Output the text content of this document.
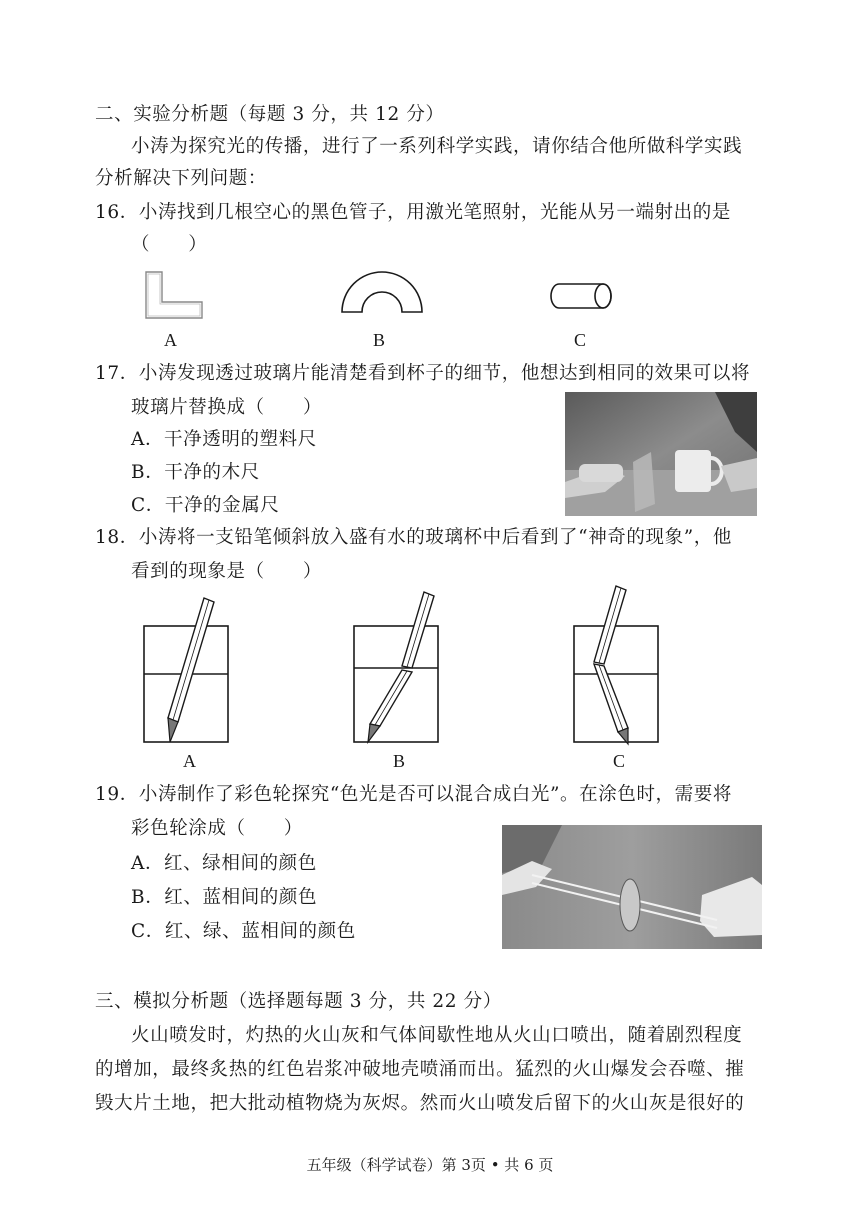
二、实验分析题（每题 3 分，共 12 分）
小涛为探究光的传播，进行了一系列科学实践，请你结合他所做科学实践
分析解决下列问题：
16．小涛找到几根空心的黑色管子，用激光笔照射，光能从另一端射出的是
（　　）
A	B	C
17．小涛发现透过玻璃片能清楚看到杯子的细节，他想达到相同的效果可以将
玻璃片替换成（　　）
A．干净透明的塑料尺
B．干净的木尺
C．干净的金属尺
18．小涛将一支铅笔倾斜放入盛有水的玻璃杯中后看到了“神奇的现象”，他
看到的现象是（　　）
A	B	C
19．小涛制作了彩色轮探究“色光是否可以混合成白光”。在涂色时，需要将
彩色轮涂成（　　）
A．红、绿相间的颜色
B．红、蓝相间的颜色
C．红、绿、蓝相间的颜色
三、模拟分析题（选择题每题 3 分，共 22 分）
火山喷发时，灼热的火山灰和气体间歇性地从火山口喷出，随着剧烈程度
的增加，最终炙热的红色岩浆冲破地壳喷涌而出。猛烈的火山爆发会吞噬、摧
毁大片土地，把大批动植物烧为灰烬。然而火山喷发后留下的火山灰是很好的
五年级（科学试卷）第 3页 • 共 6 页
